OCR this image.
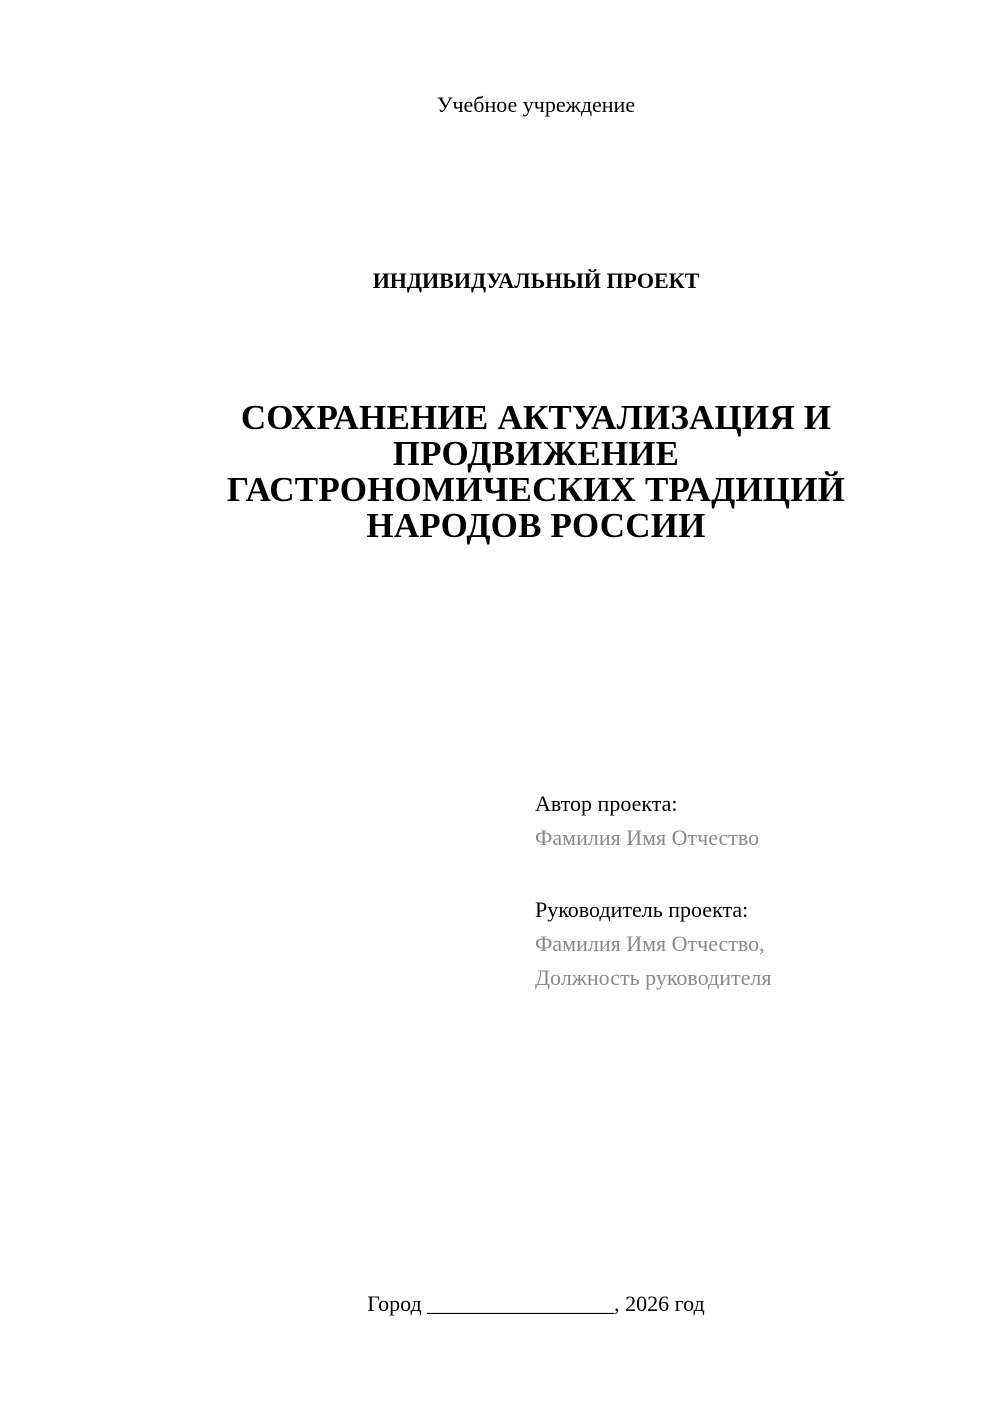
Учебное учреждение
ИНДИВИДУАЛЬНЫЙ ПРОЕКТ
СОХРАНЕНИЕ АКТУАЛИЗАЦИЯ И
ПРОДВИЖЕНИЕ
ГАСТРОНОМИЧЕСКИХ ТРАДИЦИЙ
НАРОДОВ РОССИИ
Автор проекта:
Фамилия Имя Отчество
Руководитель проекта:
Фамилия Имя Отчество,
Должность руководителя
Город _________________, 2026 год
